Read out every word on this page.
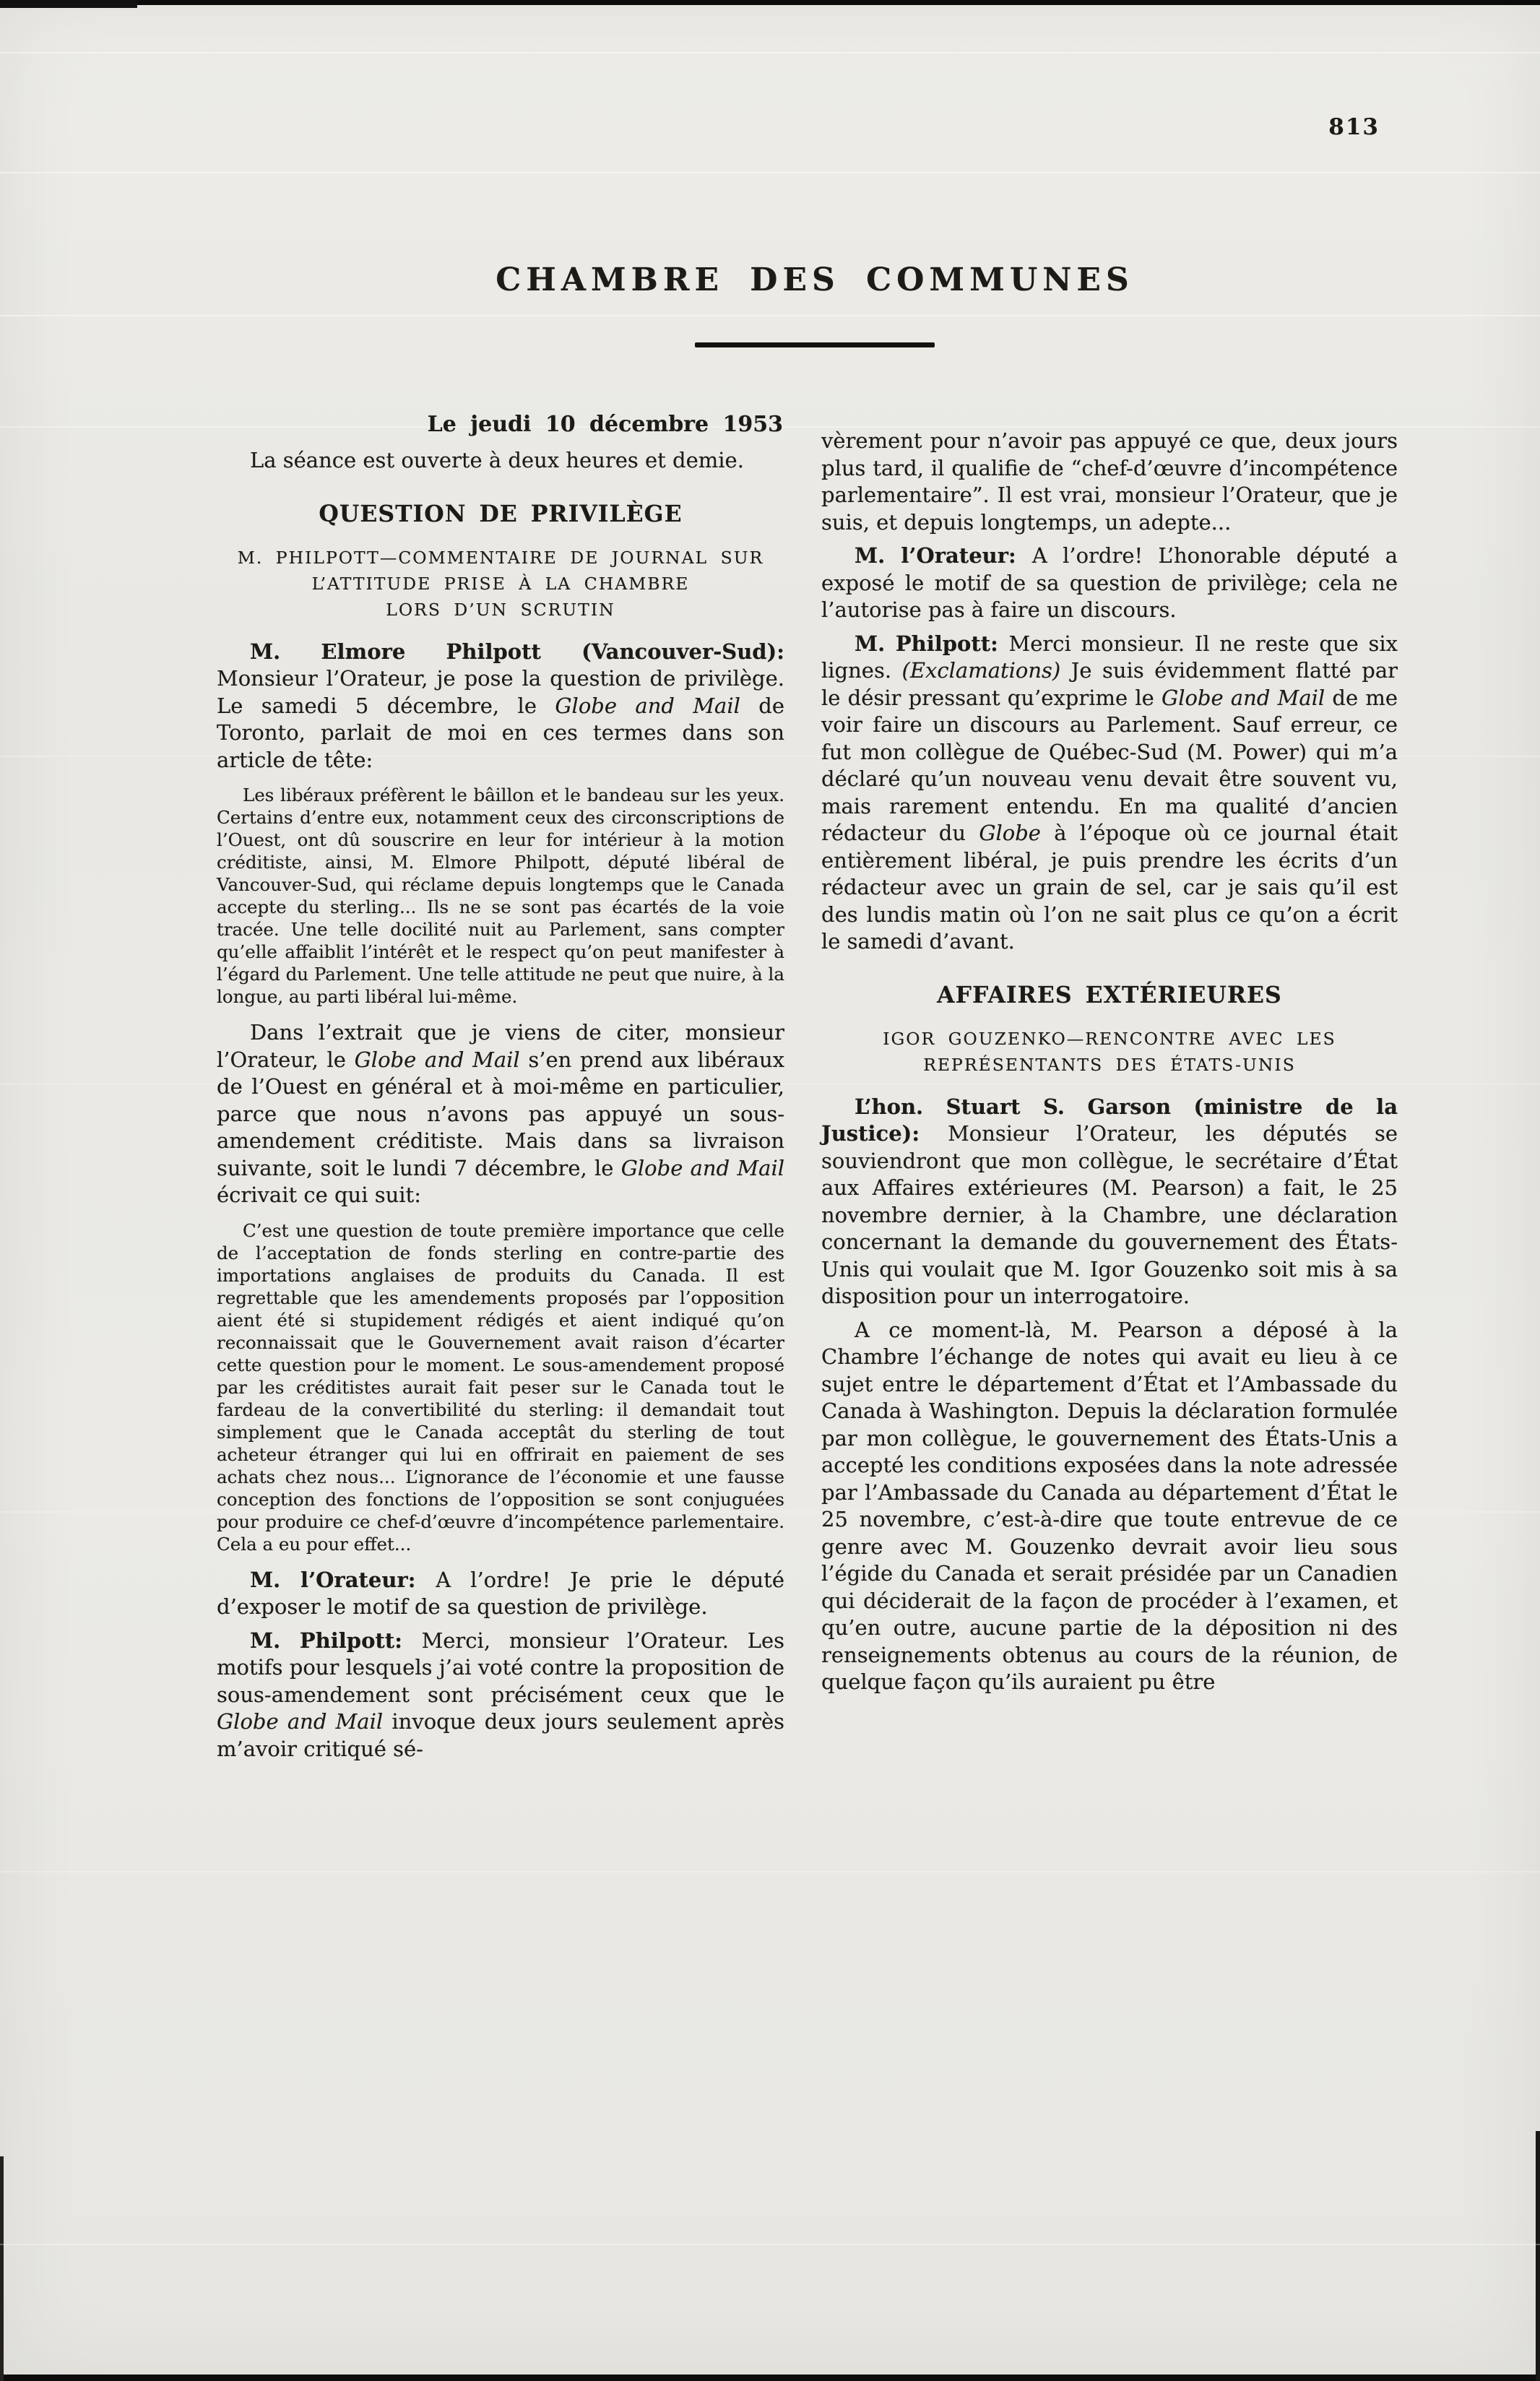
813
CHAMBRE DES COMMUNES
Le jeudi 10 décembre 1953

La séance est ouverte à deux heures et demie.

QUESTION DE PRIVILÈGE
M. PHILPOTT—COMMENTAIRE DE JOURNAL SUR
L’ATTITUDE PRISE À LA CHAMBRE
LORS D’UN SCRUTIN

M. Elmore Philpott (Vancouver-Sud): Monsieur l’Orateur, je pose la question de privilège. Le samedi 5 décembre, le Globe and Mail de Toronto, parlait de moi en ces termes dans son article de tête:

Les libéraux préfèrent le bâillon et le bandeau sur les yeux. Certains d’entre eux, notamment ceux des circonscriptions de l’Ouest, ont dû souscrire en leur for intérieur à la motion créditiste, ainsi, M. Elmore Philpott, député libéral de Vancouver-Sud, qui réclame depuis longtemps que le Canada accepte du sterling... Ils ne se sont pas écartés de la voie tracée. Une telle docilité nuit au Parlement, sans compter qu’elle affaiblit l’intérêt et le respect qu’on peut manifester à l’égard du Parlement. Une telle attitude ne peut que nuire, à la longue, au parti libéral lui-même.

Dans l’extrait que je viens de citer, monsieur l’Orateur, le Globe and Mail s’en prend aux libéraux de l’Ouest en général et à moi-même en particulier, parce que nous n’avons pas appuyé un sous-amendement créditiste. Mais dans sa livraison suivante, soit le lundi 7 décembre, le Globe and Mail écrivait ce qui suit:

C’est une question de toute première importance que celle de l’acceptation de fonds sterling en contre-partie des importations anglaises de produits du Canada. Il est regrettable que les amendements proposés par l’opposition aient été si stupidement rédigés et aient indiqué qu’on reconnaissait que le Gouvernement avait raison d’écarter cette question pour le moment. Le sous-amendement proposé par les créditistes aurait fait peser sur le Canada tout le fardeau de la convertibilité du sterling: il demandait tout simplement que le Canada acceptât du sterling de tout acheteur étranger qui lui en offrirait en paiement de ses achats chez nous... L’ignorance de l’économie et une fausse conception des fonctions de l’opposition se sont conjuguées pour produire ce chef-d’œuvre d’incompétence parlementaire. Cela a eu pour effet...

M. l’Orateur: A l’ordre! Je prie le député d’exposer le motif de sa question de privilège.

M. Philpott: Merci, monsieur l’Orateur. Les motifs pour lesquels j’ai voté contre la proposition de sous-amendement sont précisément ceux que le Globe and Mail invoque deux jours seulement après m’avoir critiqué sé-

vèrement pour n’avoir pas appuyé ce que, deux jours plus tard, il qualifie de “chef-d’œuvre d’incompétence parlementaire”. Il est vrai, monsieur l’Orateur, que je suis, et depuis longtemps, un adepte...

M. l’Orateur: A l’ordre! L’honorable député a exposé le motif de sa question de privilège; cela ne l’autorise pas à faire un discours.

M. Philpott: Merci monsieur. Il ne reste que six lignes. (Exclamations) Je suis évidemment flatté par le désir pressant qu’exprime le Globe and Mail de me voir faire un discours au Parlement. Sauf erreur, ce fut mon collègue de Québec-Sud (M. Power) qui m’a déclaré qu’un nouveau venu devait être souvent vu, mais rarement entendu. En ma qualité d’ancien rédacteur du Globe à l’époque où ce journal était entièrement libéral, je puis prendre les écrits d’un rédacteur avec un grain de sel, car je sais qu’il est des lundis matin où l’on ne sait plus ce qu’on a écrit le samedi d’avant.

AFFAIRES EXTÉRIEURES
IGOR GOUZENKO—RENCONTRE AVEC LES
REPRÉSENTANTS DES ÉTATS-UNIS

L’hon. Stuart S. Garson (ministre de la Justice): Monsieur l’Orateur, les députés se souviendront que mon collègue, le secrétaire d’État aux Affaires extérieures (M. Pearson) a fait, le 25 novembre dernier, à la Chambre, une déclaration concernant la demande du gouvernement des États-Unis qui voulait que M. Igor Gouzenko soit mis à sa disposition pour un interrogatoire.

A ce moment-là, M. Pearson a déposé à la Chambre l’échange de notes qui avait eu lieu à ce sujet entre le département d’État et l’Ambassade du Canada à Washington. Depuis la déclaration formulée par mon collègue, le gouvernement des États-Unis a accepté les conditions exposées dans la note adressée par l’Ambassade du Canada au département d’État le 25 novembre, c’est-à-dire que toute entrevue de ce genre avec M. Gouzenko devrait avoir lieu sous l’égide du Canada et serait présidée par un Canadien qui déciderait de la façon de procéder à l’examen, et qu’en outre, aucune partie de la déposition ni des renseignements obtenus au cours de la réunion, de quelque façon qu’ils auraient pu être
